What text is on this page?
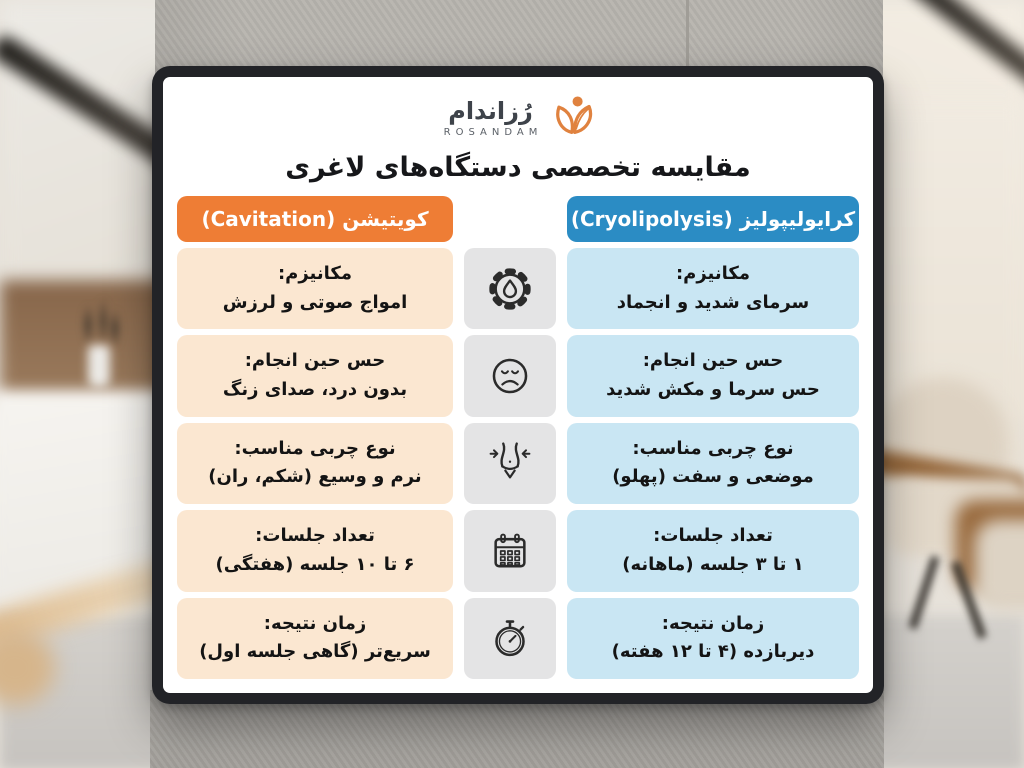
رُزاندام
ROSANDAM
مقایسه تخصصی دستگاه‌های لاغری
کرایولیپولیز (Cryolipolysis)
کویتیشن (Cavitation)
مکانیزم:
سرمای شدید و انجماد
مکانیزم:
امواج صوتی و لرزش
حس حین انجام:
حس سرما و مکش شدید
حس حین انجام:
بدون درد، صدای زنگ
نوع چربی مناسب:
موضعی و سفت (پهلو)
نوع چربی مناسب:
نرم و وسیع (شکم، ران)
تعداد جلسات:
۱ تا ۳ جلسه (ماهانه)
تعداد جلسات:
۶ تا ۱۰ جلسه (هفتگی)
زمان نتیجه:
دیربازده (۴ تا ۱۲ هفته)
زمان نتیجه:
سریع‌تر (گاهی جلسه اول)
